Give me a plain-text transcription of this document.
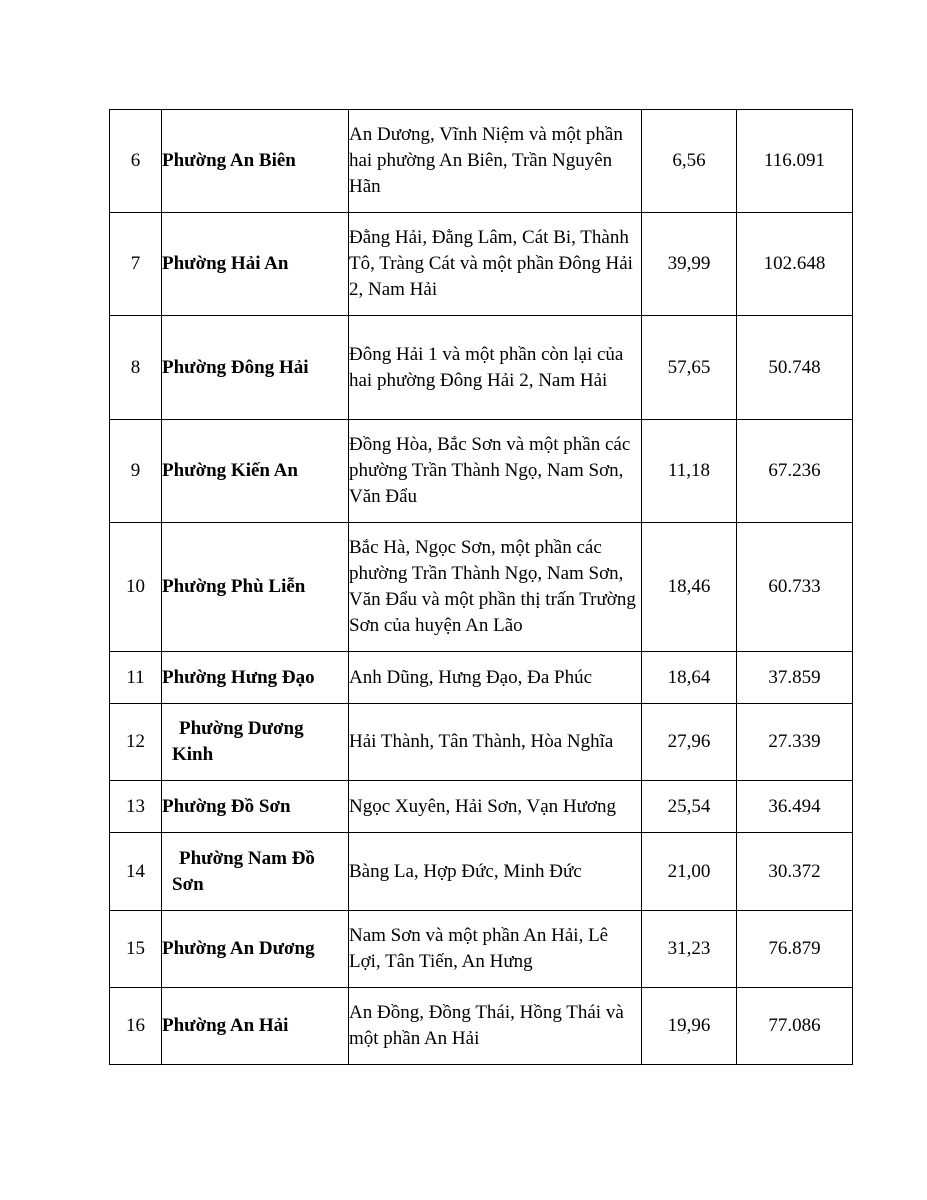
6	Phường An Biên	An Dương, Vĩnh Niệm và một phần hai phường An Biên, Trần Nguyên Hãn	6,56	116.091
7	Phường Hải An	Đằng Hải, Đằng Lâm, Cát Bi, Thành Tô, Tràng Cát và một phần Đông Hải 2, Nam Hải	39,99	102.648
8	Phường Đông Hải	Đông Hải 1 và một phần còn lại của hai phường Đông Hải 2, Nam Hải	57,65	50.748
9	Phường Kiến An	Đồng Hòa, Bắc Sơn và một phần các phường Trần Thành Ngọ, Nam Sơn, Văn Đẩu	11,18	67.236
10	Phường Phù Liễn	Bắc Hà, Ngọc Sơn, một phần các phường Trần Thành Ngọ, Nam Sơn, Văn Đẩu và một phần thị trấn Trường Sơn của huyện An Lão	18,46	60.733
11	Phường Hưng Đạo	Anh Dũng, Hưng Đạo, Đa Phúc	18,64	37.859
12	Phường Dương Kinh	Hải Thành, Tân Thành, Hòa Nghĩa	27,96	27.339
13	Phường Đồ Sơn	Ngọc Xuyên, Hải Sơn, Vạn Hương	25,54	36.494
14	Phường Nam Đồ Sơn	Bàng La, Hợp Đức, Minh Đức	21,00	30.372
15	Phường An Dương	Nam Sơn và một phần An Hải, Lê Lợi, Tân Tiến, An Hưng	31,23	76.879
16	Phường An Hải	An Đồng, Đồng Thái, Hồng Thái và một phần An Hải	19,96	77.086
